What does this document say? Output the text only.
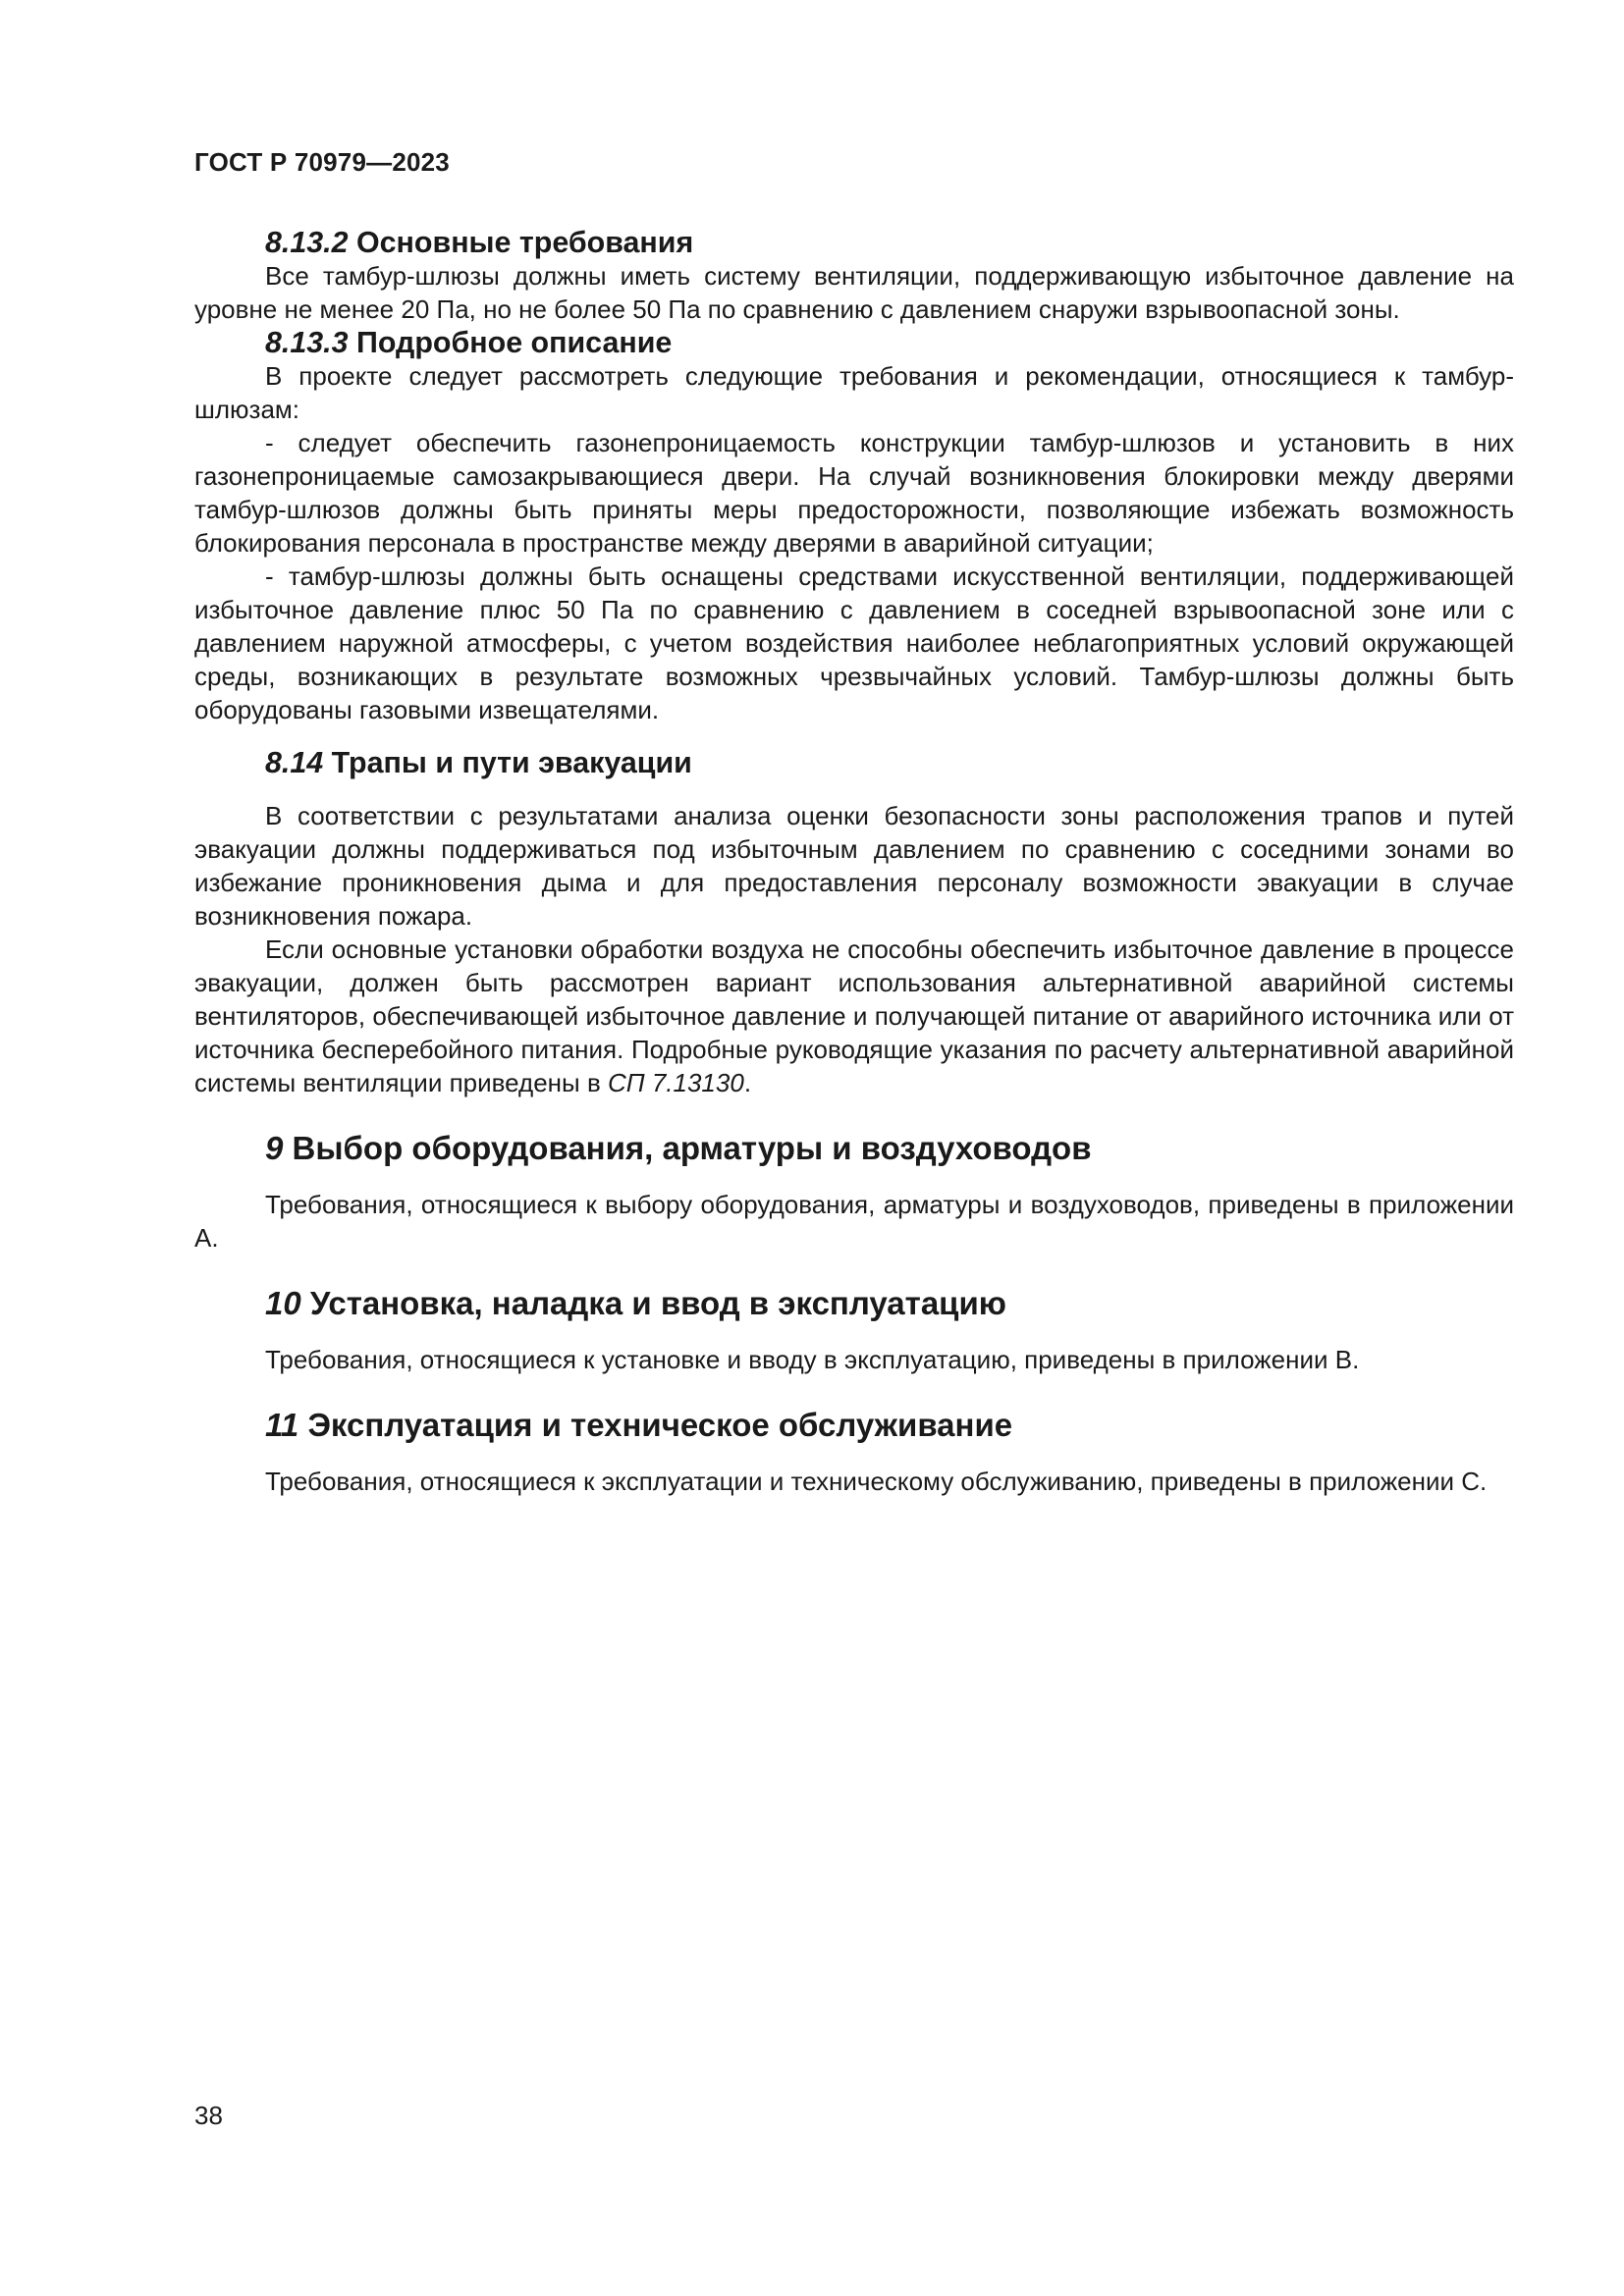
ГОСТ Р 70979—2023
8.13.2 Основные требования

Все тамбур-шлюзы должны иметь систему вентиляции, поддерживающую избыточное давление на уровне не менее 20 Па, но не более 50 Па по сравнению с давлением снаружи взрывоопасной зоны.

8.13.3 Подробное описание

В проекте следует рассмотреть следующие требования и рекомендации, относящиеся к тамбур-шлюзам:

- следует обеспечить газонепроницаемость конструкции тамбур-шлюзов и установить в них газонепроницаемые самозакрывающиеся двери. На случай возникновения блокировки между дверями тамбур-шлюзов должны быть приняты меры предосторожности, позволяющие избежать возможность блокирования персонала в пространстве между дверями в аварийной ситуации;

- тамбур-шлюзы должны быть оснащены средствами искусственной вентиляции, поддерживающей избыточное давление плюс 50 Па по сравнению с давлением в соседней взрывоопасной зоне или с давлением наружной атмосферы, с учетом воздействия наиболее неблагоприятных условий окружающей среды, возникающих в результате возможных чрезвычайных условий. Тамбур-шлюзы должны быть оборудованы газовыми извещателями.

8.14 Трапы и пути эвакуации

В соответствии с результатами анализа оценки безопасности зоны расположения трапов и путей эвакуации должны поддерживаться под избыточным давлением по сравнению с соседними зонами во избежание проникновения дыма и для предоставления персоналу возможности эвакуации в случае возникновения пожара.

Если основные установки обработки воздуха не способны обеспечить избыточное давление в процессе эвакуации, должен быть рассмотрен вариант использования альтернативной аварийной системы вентиляторов, обеспечивающей избыточное давление и получающей питание от аварийного источника или от источника бесперебойного питания. Подробные руководящие указания по расчету альтернативной аварийной системы вентиляции приведены в СП 7.13130.

9 Выбор оборудования, арматуры и воздуховодов

Требования, относящиеся к выбору оборудования, арматуры и воздуховодов, приведены в приложении А.

10 Установка, наладка и ввод в эксплуатацию

Требования, относящиеся к установке и вводу в эксплуатацию, приведены в приложении В.

11 Эксплуатация и техническое обслуживание

Требования, относящиеся к эксплуатации и техническому обслуживанию, приведены в приложении С.

38
